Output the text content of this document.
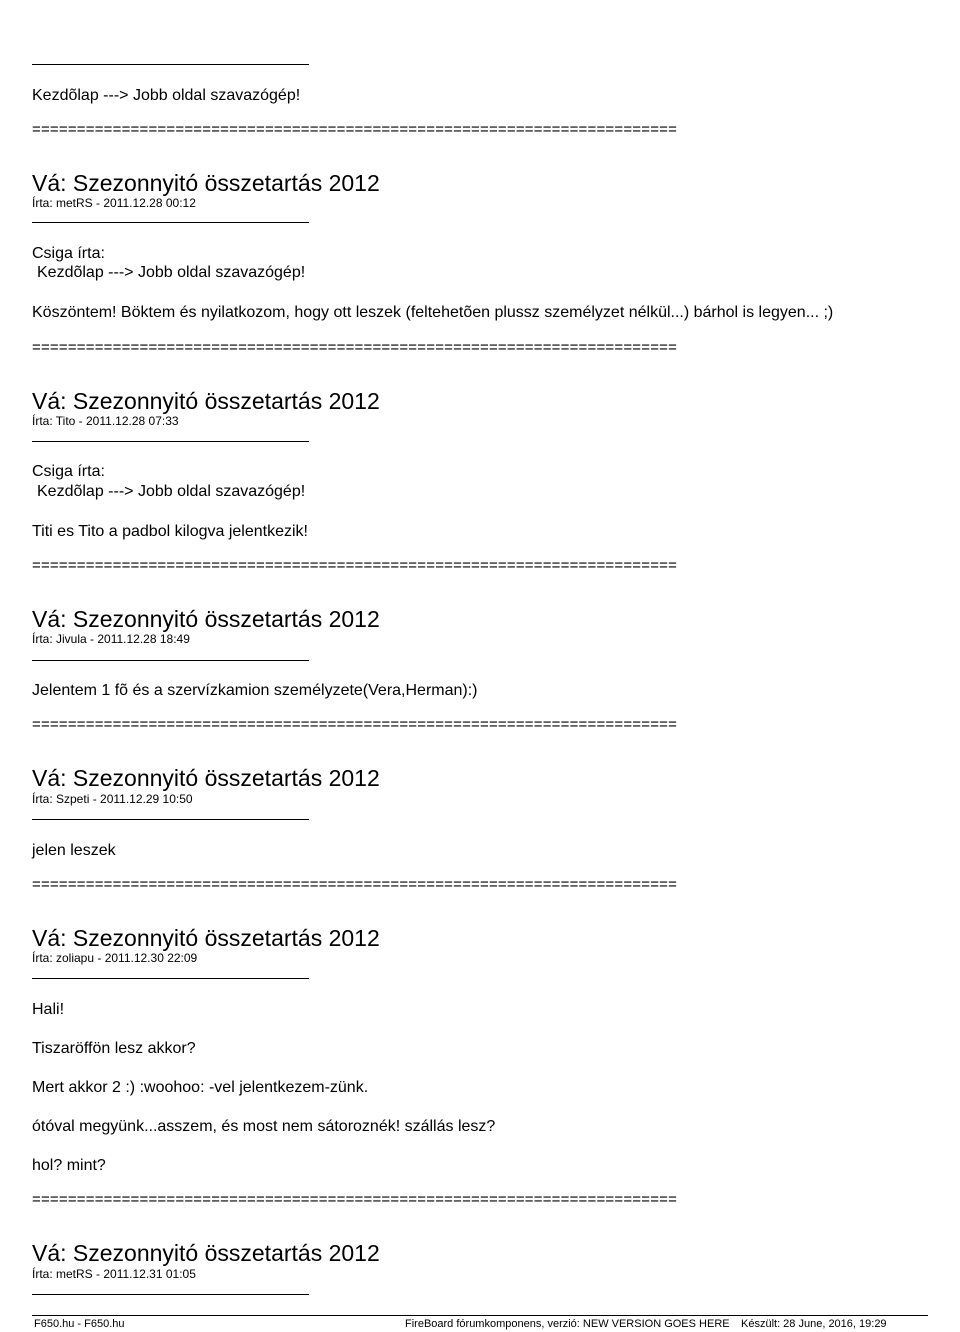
Kezdõlap ---> Jobb oldal szavazógép!
========================================================================
Vá: Szezonnyitó összetartás 2012
Írta: metRS - 2011.12.28 00:12
Csiga írta:
Kezdõlap ---> Jobb oldal szavazógép!
Köszöntem! Böktem és nyilatkozom, hogy ott leszek (feltehetõen plussz személyzet nélkül...) bárhol is legyen... ;)
========================================================================
Vá: Szezonnyitó összetartás 2012
Írta: Tito - 2011.12.28 07:33
Csiga írta:
Kezdõlap ---> Jobb oldal szavazógép!
Titi es Tito a padbol kilogva jelentkezik!
========================================================================
Vá: Szezonnyitó összetartás 2012
Írta: Jivula - 2011.12.28 18:49
Jelentem 1 fõ és a szervízkamion személyzete(Vera,Herman):)
========================================================================
Vá: Szezonnyitó összetartás 2012
Írta: Szpeti - 2011.12.29 10:50
jelen leszek
========================================================================
Vá: Szezonnyitó összetartás 2012
Írta: zoliapu - 2011.12.30 22:09
Hali!
Tiszaröffön lesz akkor?
Mert akkor 2 :) :woohoo: -vel jelentkezem-zünk.
ótóval megyünk...asszem, és most nem sátoroznék! szállás lesz?
hol? mint?
========================================================================
Vá: Szezonnyitó összetartás 2012
Írta: metRS - 2011.12.31 01:05
F650.hu - F650.hu	FireBoard fórumkomponens, verzió: NEW VERSION GOES HERE Készült: 28 June, 2016, 19:29
